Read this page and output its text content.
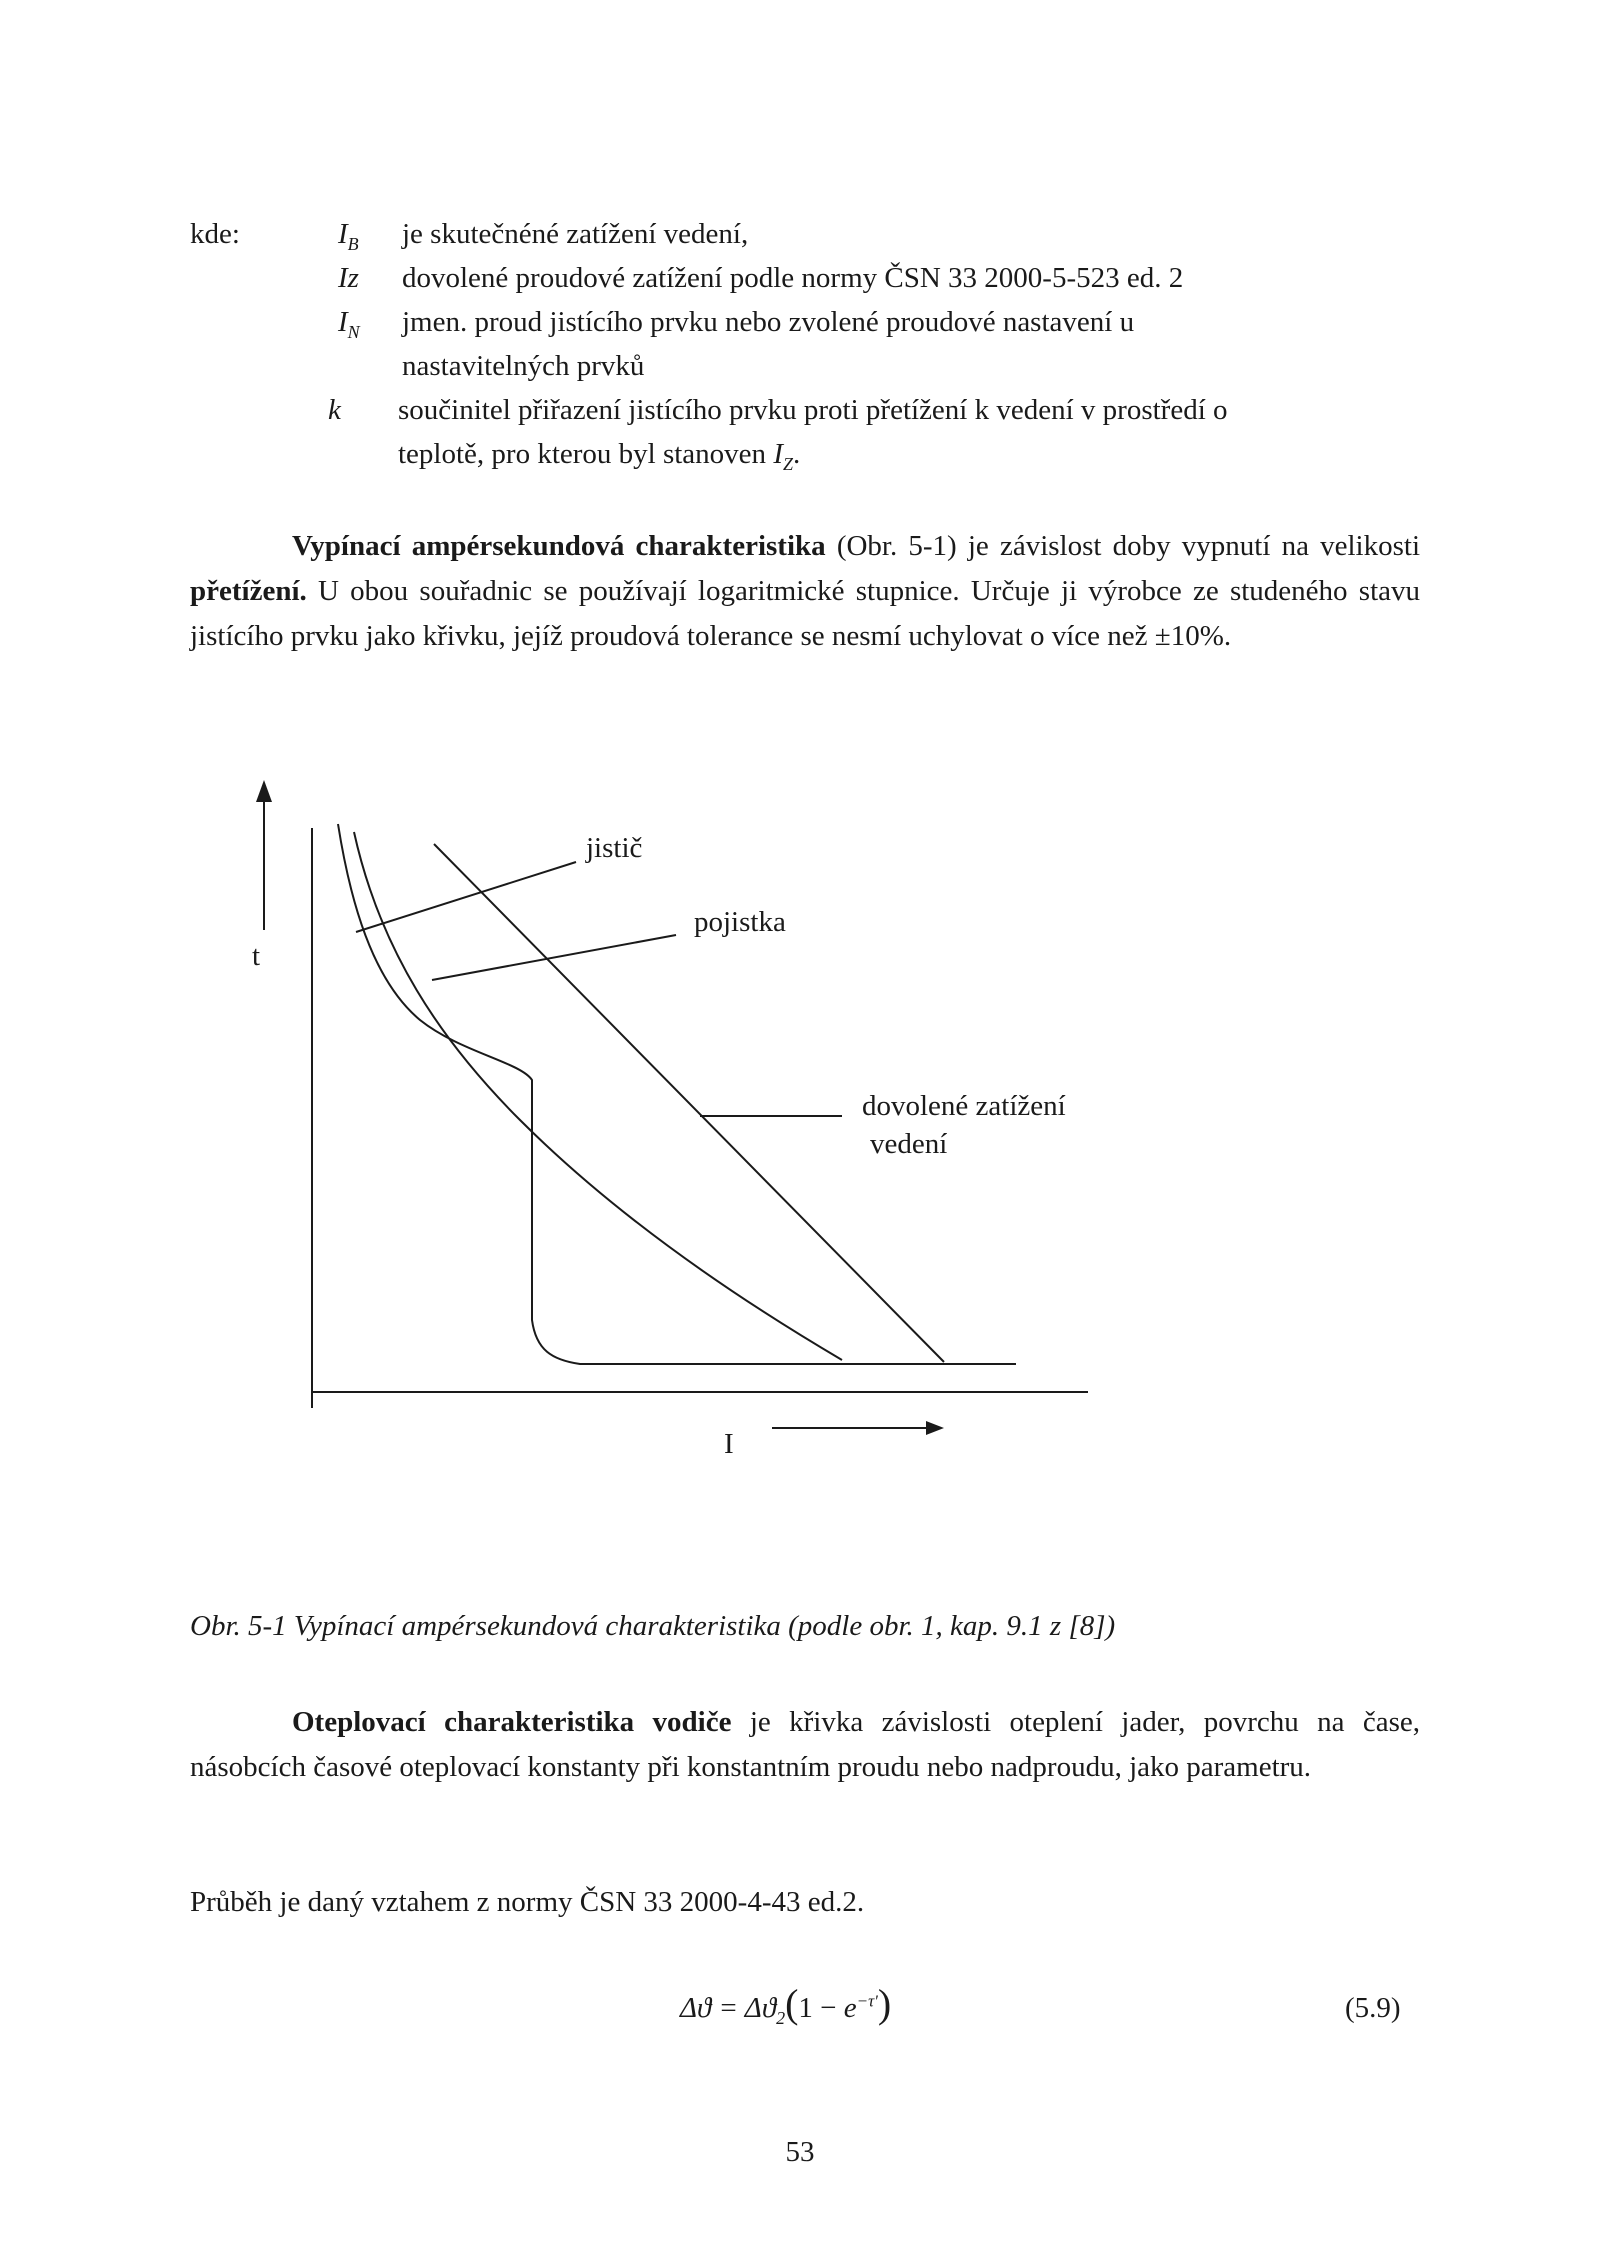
kde:	$I_B$ je skutečnéné zatížení vedení,
Iz dovolené proudové zatížení podle normy ČSN 33 2000-5-523 ed. 2
$I_N$ jmen. proud jistícího prvku nebo zvolené proudové nastavení u
nastavitelných prvků
k součinitel přiřazení jistícího prvku proti přetížení k vedení v prostředí o
teplotě, pro kterou byl stanoven $I_Z$.
Vypínací ampérsekundová charakteristika (Obr. 5-1) je závislost doby vypnutí na velikosti přetížení. U obou souřadnic se používají logaritmické stupnice. Určuje ji výrobce ze studeného stavu jistícího prvku jako křivku, jejíž proudová tolerance se nesmí uchylovat o více než ±10%.
t
I
jistič
pojistka
dovolené zatížení
vedení
Obr. 5-1 Vypínací ampérsekundová charakteristika (podle obr. 1, kap. 9.1 z [8])
Oteplovací charakteristika vodiče je křivka závislosti oteplení jader, povrchu na čase, násobcích časové oteplovací konstanty při konstantním proudu nebo nadproudu, jako parametru.
Průběh je daný vztahem z normy ČSN 33 2000-4-43 ed.2.
$\Delta ϑ = \Delta ϑ_2(1 - e^{-\tau'})$	(5.9)
53
